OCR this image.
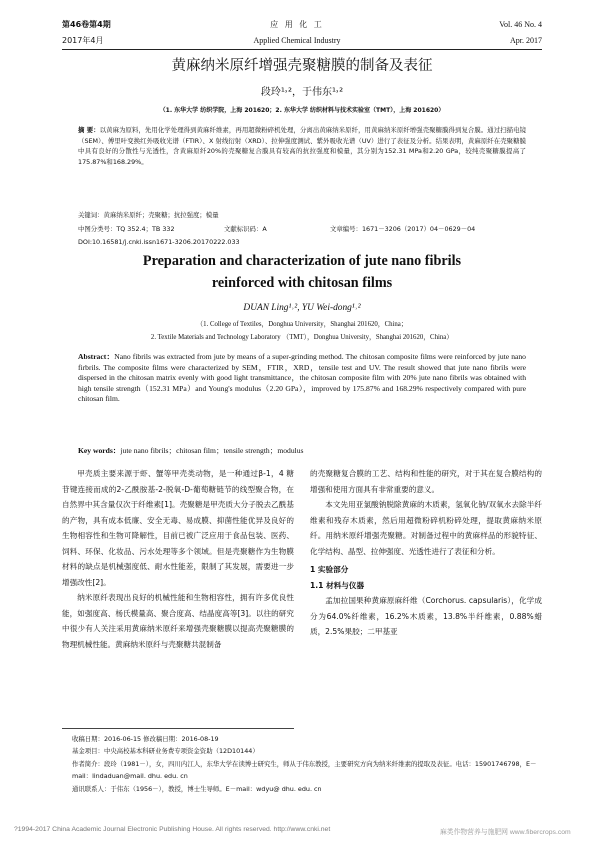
第46卷第4期
2017年4月
应 用 化 工
Applied Chemical Industry
Vol. 46 No. 4
Apr. 2017
黄麻纳米原纤增强壳聚糖膜的制备及表征
段玲¹˒²，于伟东¹˒²
（1. 东华大学 纺织学院，上海 201620；2. 东华大学 纺织材料与技术实验室（TMT），上海 201620）
摘 要：以黄麻为原料，先用化学处理得到黄麻纤维素，再用超微粉碎机处理，分离出黄麻纳米原纤，用黄麻纳米原纤增强壳聚糖膜得到复合膜。通过扫描电镜（SEM）、傅里叶变换红外吸收光谱（FTIR）、X 射线衍射（XRD）、拉伸强度测试、紫外吸收光谱（UV）进行了表征及分析。结果表明，黄麻原纤在壳聚糖膜中具有良好的分散性与光透性，含黄麻原纤20%的壳聚糖复合膜具有较高的抗拉强度和模量，其分别为152.31 MPa和2.20 GPa，较纯壳聚糖膜提高了175.87%和168.29%。
关键词：黄麻纳米原纤；壳聚糖；抗拉强度；模量
中图分类号：TQ 352.4；TB 332	文献标识码：A	文章编号：1671－3206（2017）04－0629－04
DOI:10.16581/j.cnki.issn1671-3206.20170222.033
Preparation and characterization of jute nano fibrils
reinforced with chitosan films
DUAN Ling¹˒², YU Wei-dong¹˒²
（1. College of Textiles，Donghua University，Shanghai 201620，China；
2. Textile Materials and Technology Laboratory （TMT），Donghua University，Shanghai 201620，China）
Abstract：Nano fibrils was extracted from jute by means of a super-grinding method. The chitosan composite films were reinforced by jute nano firbrils. The composite films were characterized by SEM，FTIR，XRD，tensile test and UV. The result showed that jute nano fibrils were dispersed in the chitosan matrix evenly with good light transmittance，the chitosan composite film with 20% jute nano fibrils was obtained with high tensile strength（152.31 MPa）and Young's modulus（2.20 GPa），improved by 175.87% and 168.29% respectively compared with pure chitosan film.
Key words：jute nano fibrils；chitosan film；tensile strength；modulus

甲壳质主要来源于虾、蟹等甲壳类动物，是一种通过β-1，4 糖苷键连接而成的2-乙酰胺基-2-脱氧-D-葡萄糖链节的线型聚合物，在自然界中其含量仅次于纤维素[1]。壳聚糖是甲壳质大分子脱去乙酰基的产物，具有成本低廉、安全无毒、易成膜、抑菌性能优异及良好的生物相容性和生物可降解性，目前已被广泛应用于食品包装、医药、饲料、环保、化妆品、污水处理等多个领域。但是壳聚糖作为生物膜材料的缺点是机械强度低、耐水性能差，限制了其发展，需要进一步增强改性[2]。

纳米原纤表现出良好的机械性能和生物相容性，拥有许多优良性能，如强度高、杨氏模量高、聚合度高、结晶度高等[3]。以往的研究中很少有人关注采用黄麻纳米原纤来增强壳聚糖膜以提高壳聚糖膜的物理机械性能。黄麻纳米原纤与壳聚糖共混制备

的壳聚糖复合膜的工艺、结构和性能的研究，对于其在复合膜结构的增强和使用方面具有非常重要的意义。

本文先用亚氯酸钠脱除黄麻的木质素，氢氧化钠/双氧水去除半纤维素和残存木质素，然后用超微粉碎机粉碎处理，提取黄麻纳米原纤。用纳米原纤增强壳聚糖。对制备过程中的黄麻样品的形貌特征、化学结构、晶型、拉伸强度、光透性进行了表征和分析。

1 实验部分

1.1 材料与仪器

孟加拉国果种黄麻原麻纤维（Corchorus. capsularis），化学成分为64.0%纤维素，16.2%木质素，13.8%半纤维素，0.88%蜡质，2.5%果胶；二甲基亚

收稿日期：2016-06-15 修改稿日期：2016-08-19
基金项目：中央高校基本科研业务费专项资金资助（12D10144）
作者简介：段玲（1981－），女，四川内江人，东华大学在读博士研究生，师从于伟东教授，主要研究方向为纳米纤维素的提取及表征。电话：15901746798，E－mail：lindaduan@mail. dhu. edu. cn
通讯联系人：于伟东（1956－），教授，博士生导师。E－mail：wdyu@ dhu. edu. cn
?1994-2017 China Academic Journal Electronic Publishing House. All rights reserved. http://www.cnki.net	麻类作物营养与施肥网 www.fibercrops.com
